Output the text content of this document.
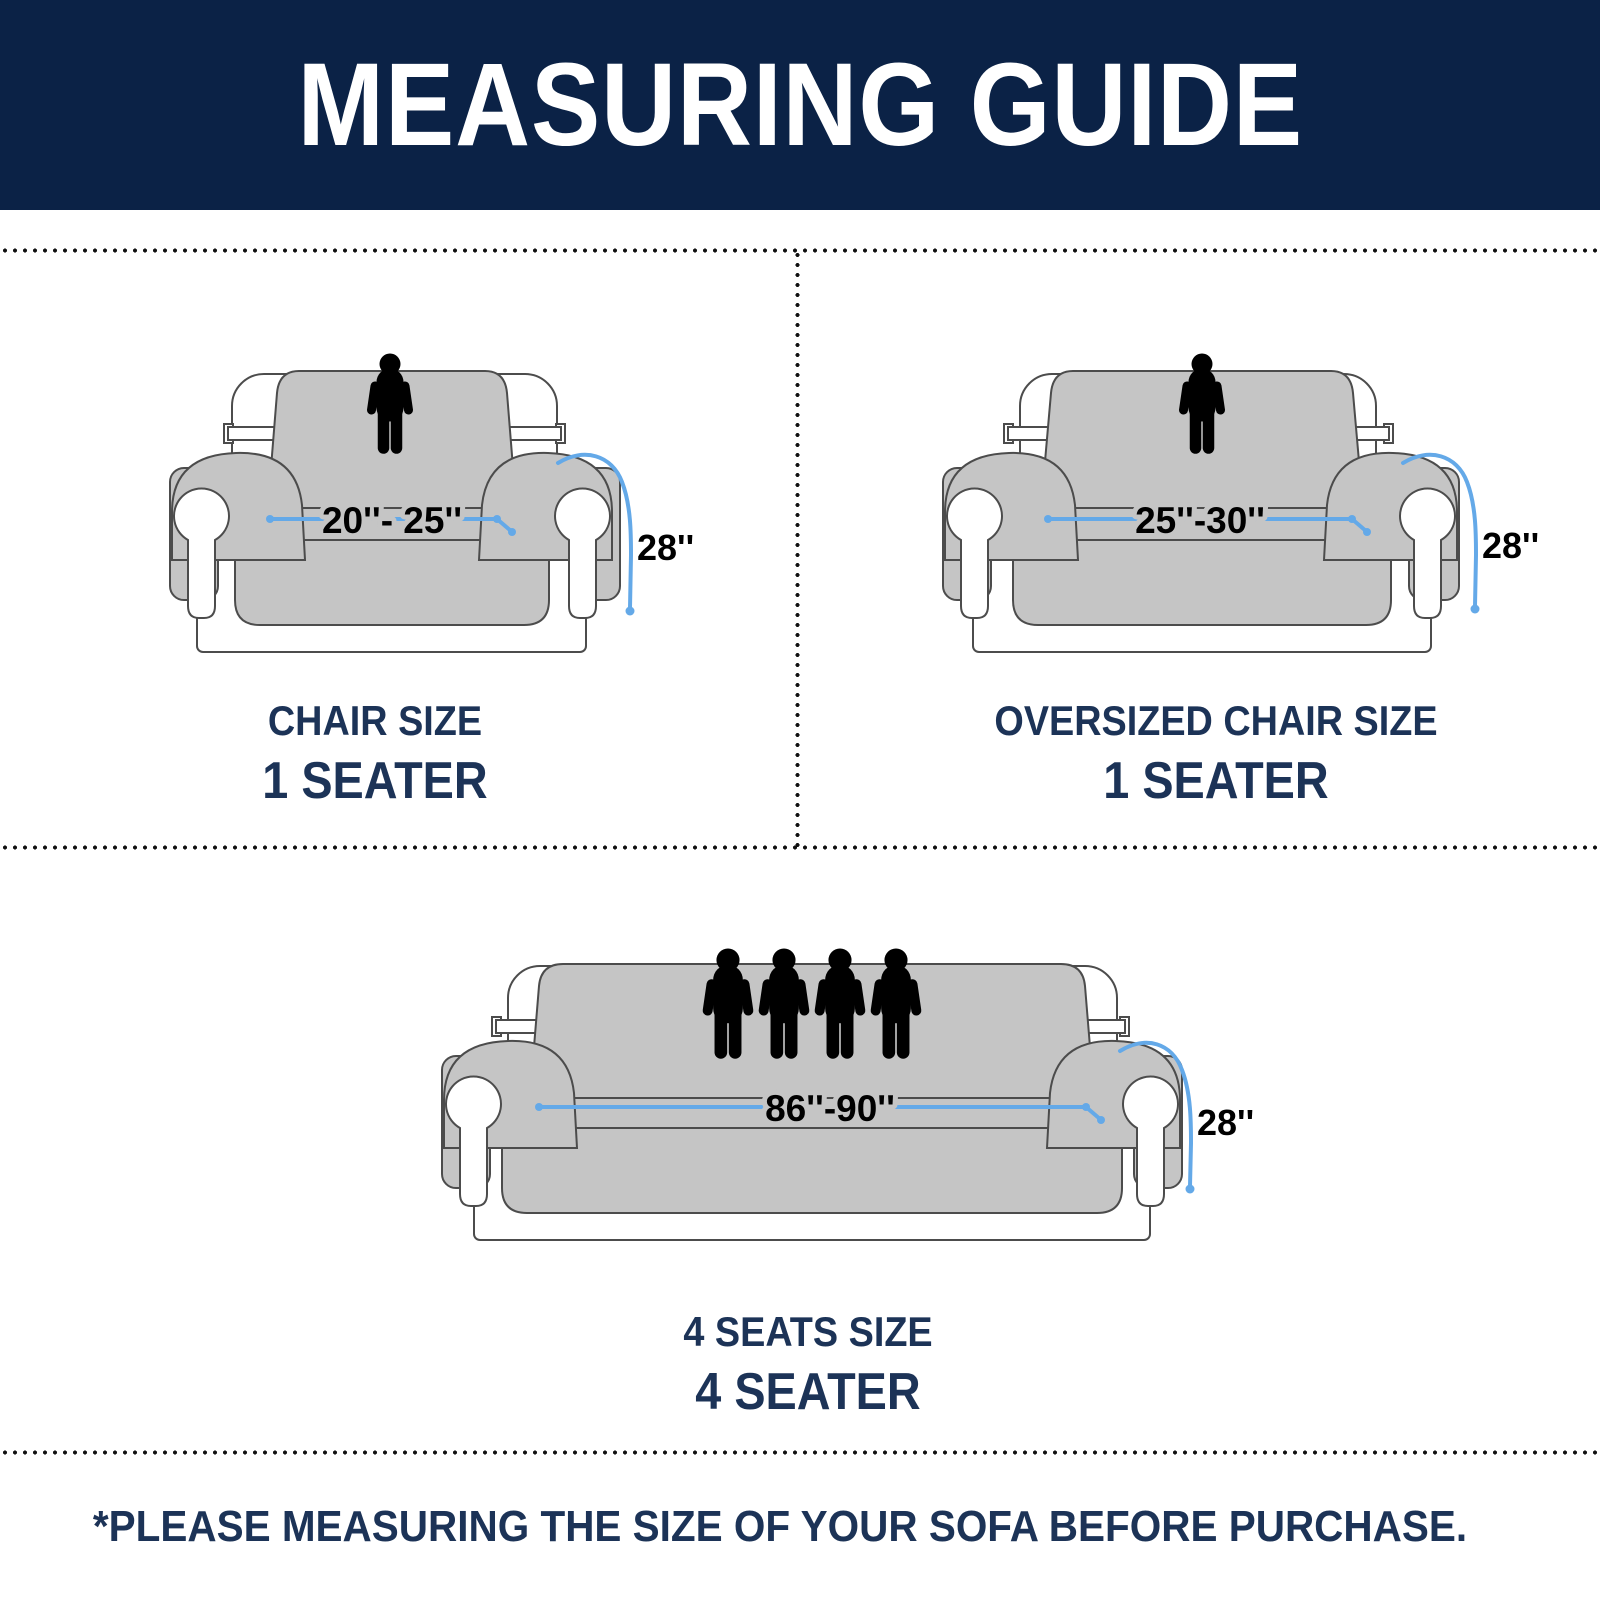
MEASURING GUIDE
20''- 25''
28''
CHAIR SIZE
1 SEATER
25''-30''
28''
OVERSIZED CHAIR SIZE
1 SEATER
86''-90''	28''
4 SEATS SIZE
4 SEATER
*PLEASE MEASURING THE SIZE OF YOUR SOFA BEFORE PURCHASE.
